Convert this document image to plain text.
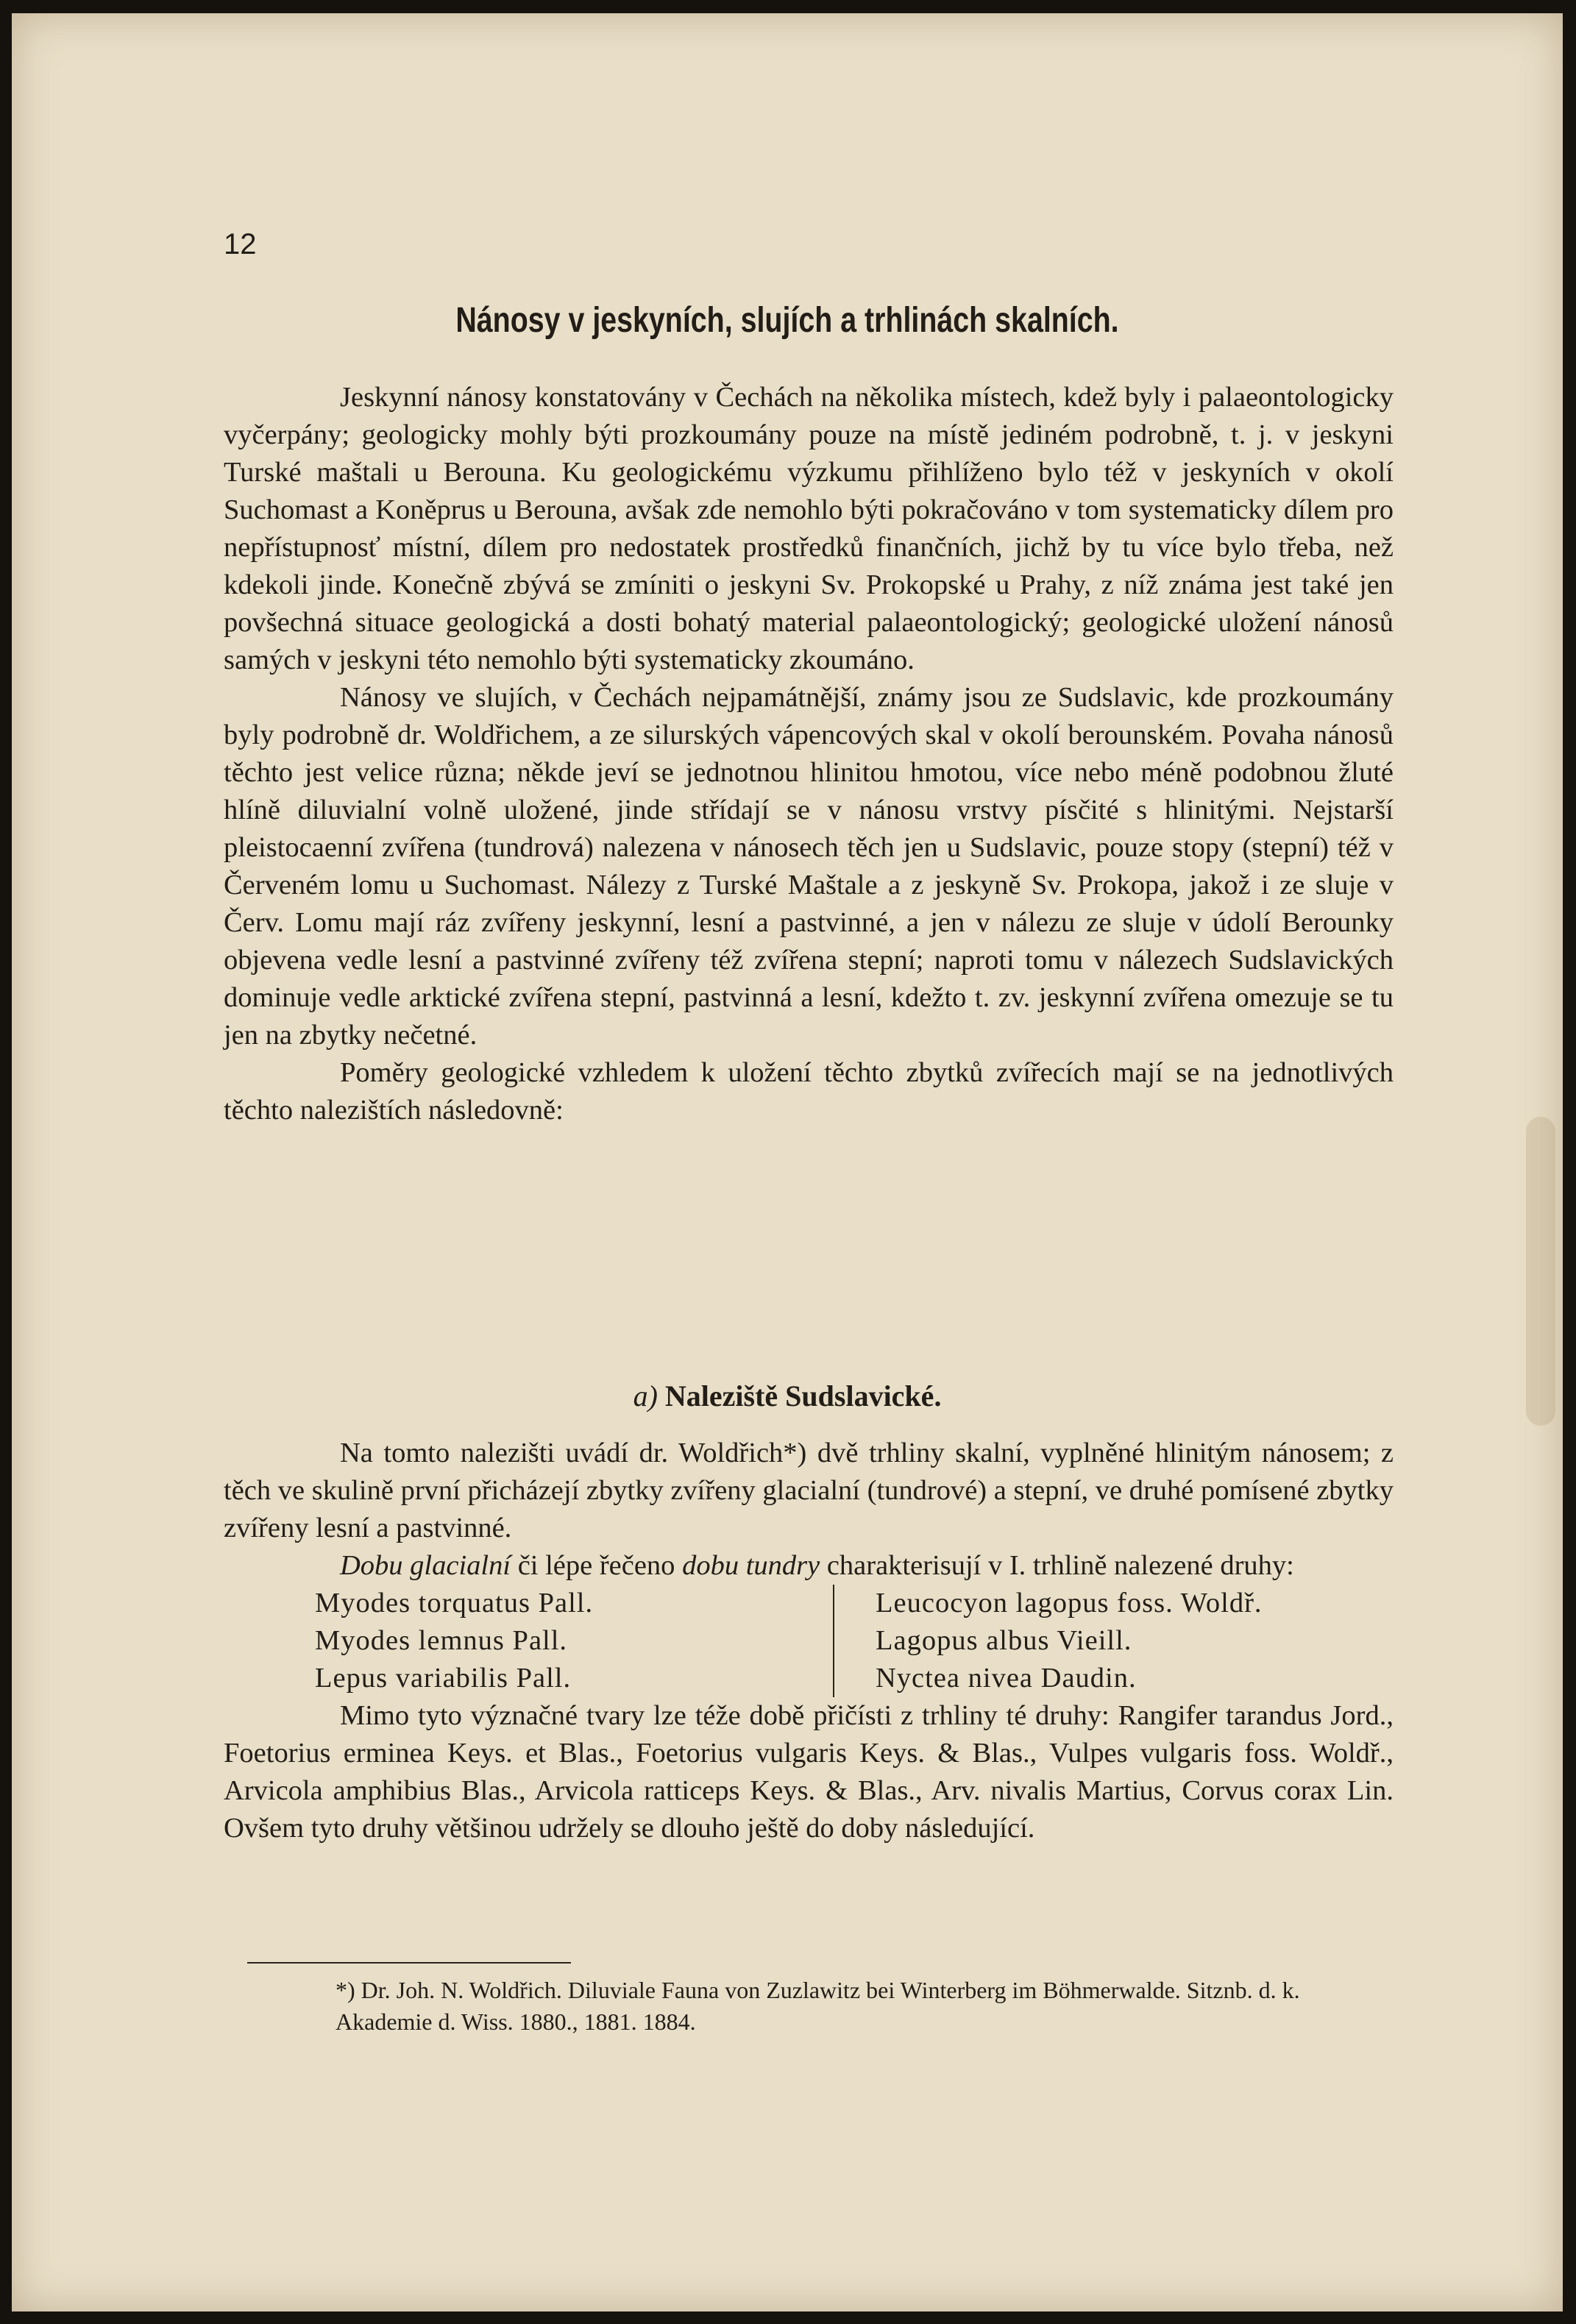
12
Nánosy v jeskyních, slujích a trhlinách skalních.

Jeskynní nánosy konstatovány v Čechách na několika místech, kdež byly i palaeontologicky vyčerpány; geologicky mohly býti prozkoumány pouze na místě jediném podrobně, t. j. v jeskyni Turské maštali u Berouna. Ku geologickému výzkumu přihlíženo bylo též v jeskyních v okolí Suchomast a Koněprus u Berouna, avšak zde nemohlo býti pokračováno v tom systematicky dílem pro nepřístupnosť místní, dílem pro nedostatek prostředků finančních, jichž by tu více bylo třeba, než kdekoli jinde. Konečně zbývá se zmíniti o jeskyni Sv. Prokopské u Prahy, z níž známa jest také jen povšechná situace geologická a dosti bohatý material palaeontologický; geologické uložení nánosů samých v jeskyni této nemohlo býti systematicky zkoumáno.

Nánosy ve slujích, v Čechách nejpamátnější, známy jsou ze Sudslavic, kde prozkoumány byly podrobně dr. Woldřichem, a ze silurských vápencových skal v okolí berounském. Povaha nánosů těchto jest velice různa; někde jeví se jednotnou hlinitou hmotou, více nebo méně podobnou žluté hlíně diluvialní volně uložené, jinde střídají se v nánosu vrstvy písčité s hlinitými. Nejstarší pleistocaenní zvířena (tundrová) nalezena v nánosech těch jen u Sudslavic, pouze stopy (stepní) též v Červeném lomu u Suchomast. Nálezy z Turské Maštale a z jeskyně Sv. Prokopa, jakož i ze sluje v Červ. Lomu mají ráz zvířeny jeskynní, lesní a pastvinné, a jen v nálezu ze sluje v údolí Berounky objevena vedle lesní a pastvinné zvířeny též zvířena stepní; naproti tomu v nálezech Sudslavických dominuje vedle arktické zvířena stepní, pastvinná a lesní, kdežto t. zv. jeskynní zvířena omezuje se tu jen na zbytky nečetné.

Poměry geologické vzhledem k uložení těchto zbytků zvířecích mají se na jednotlivých těchto nalezištích následovně:

a) Naleziště Sudslavické.

Na tomto nalezišti uvádí dr. Woldřich*) dvě trhliny skalní, vyplněné hlinitým nánosem; z těch ve skulině první přicházejí zbytky zvířeny glacialní (tundrové) a stepní, ve druhé pomísené zbytky zvířeny lesní a pastvinné.

Dobu glacialní či lépe řečeno dobu tundry charakterisují v I. trhlině nalezené druhy:

Myodes torquatus Pall.
Myodes lemnus Pall.
Lepus variabilis Pall.
Leucocyon lagopus foss. Woldř.
Lagopus albus Vieill.
Nyctea nivea Daudin.

Mimo tyto význačné tvary lze téže době přičísti z trhliny té druhy: Rangifer tarandus Jord., Foetorius erminea Keys. et Blas., Foetorius vulgaris Keys. & Blas., Vulpes vulgaris foss. Woldř., Arvicola amphibius Blas., Arvicola ratticeps Keys. & Blas., Arv. nivalis Martius, Corvus corax Lin. Ovšem tyto druhy většinou udržely se dlouho ještě do doby následující.

*) Dr. Joh. N. Woldřich. Diluviale Fauna von Zuzlawitz bei Winterberg im Böhmerwalde. Sitznb. d. k. Akademie d. Wiss. 1880., 1881. 1884.
